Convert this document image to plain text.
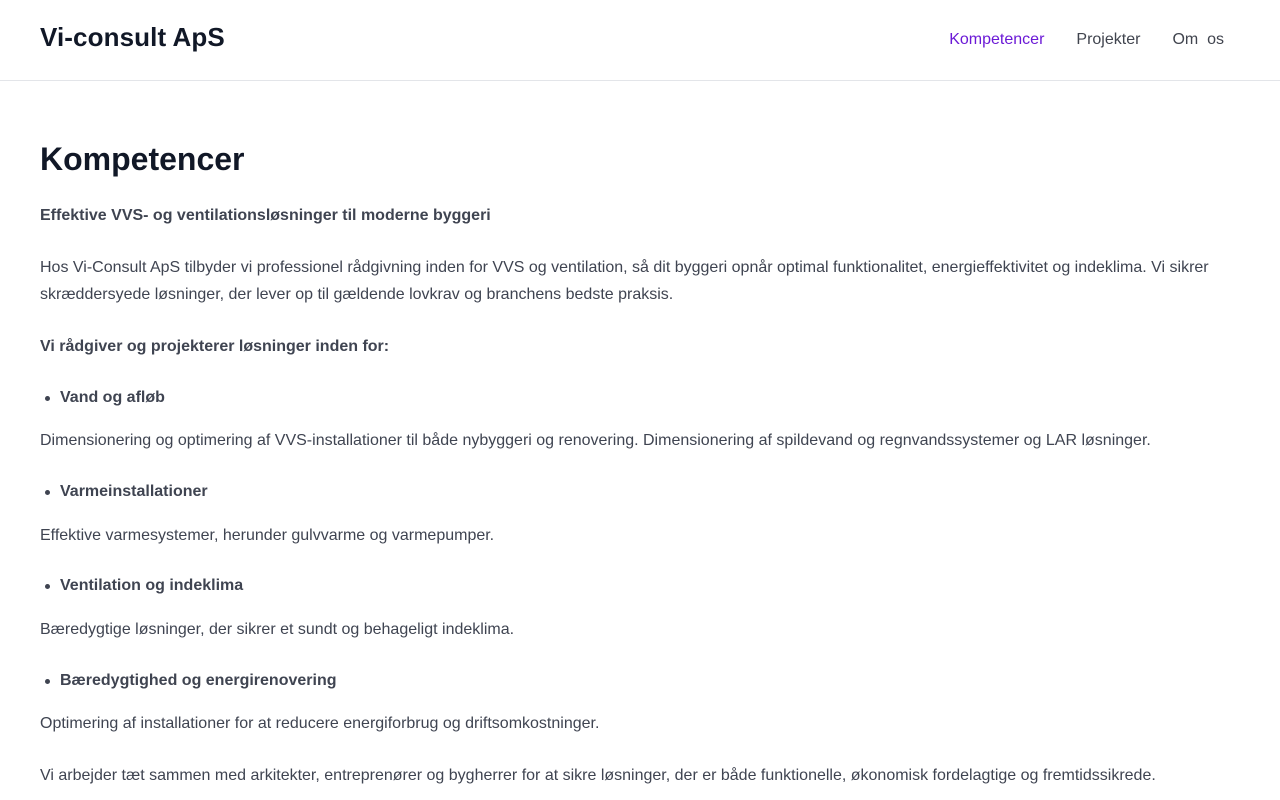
Vi-consult ApS	Kompetencer Projekter Om  os
Kompetencer

Effektive VVS- og ventilationsløsninger til moderne byggeri

Hos Vi-Consult ApS tilbyder vi professionel rådgivning inden for VVS og ventilation, så dit byggeri opnår optimal funktionalitet, energieffektivitet og indeklima. Vi sikrer skræddersyede løsninger, der lever op til gældende lovkrav og branchens bedste praksis.

Vi rådgiver og projekterer løsninger inden for:

Vand og afløb

Dimensionering og optimering af VVS-installationer til både nybyggeri og renovering. Dimensionering af spildevand og regnvandssystemer og LAR løsninger.

Varmeinstallationer

Effektive varmesystemer, herunder gulvvarme og varmepumper.

Ventilation og indeklima

Bæredygtige løsninger, der sikrer et sundt og behageligt indeklima.

Bæredygtighed og energirenovering

Optimering af installationer for at reducere energiforbrug og driftsomkostninger.

Vi arbejder tæt sammen med arkitekter, entreprenører og bygherrer for at sikre løsninger, der er både funktionelle, økonomisk fordelagtige og fremtidssikrede.
